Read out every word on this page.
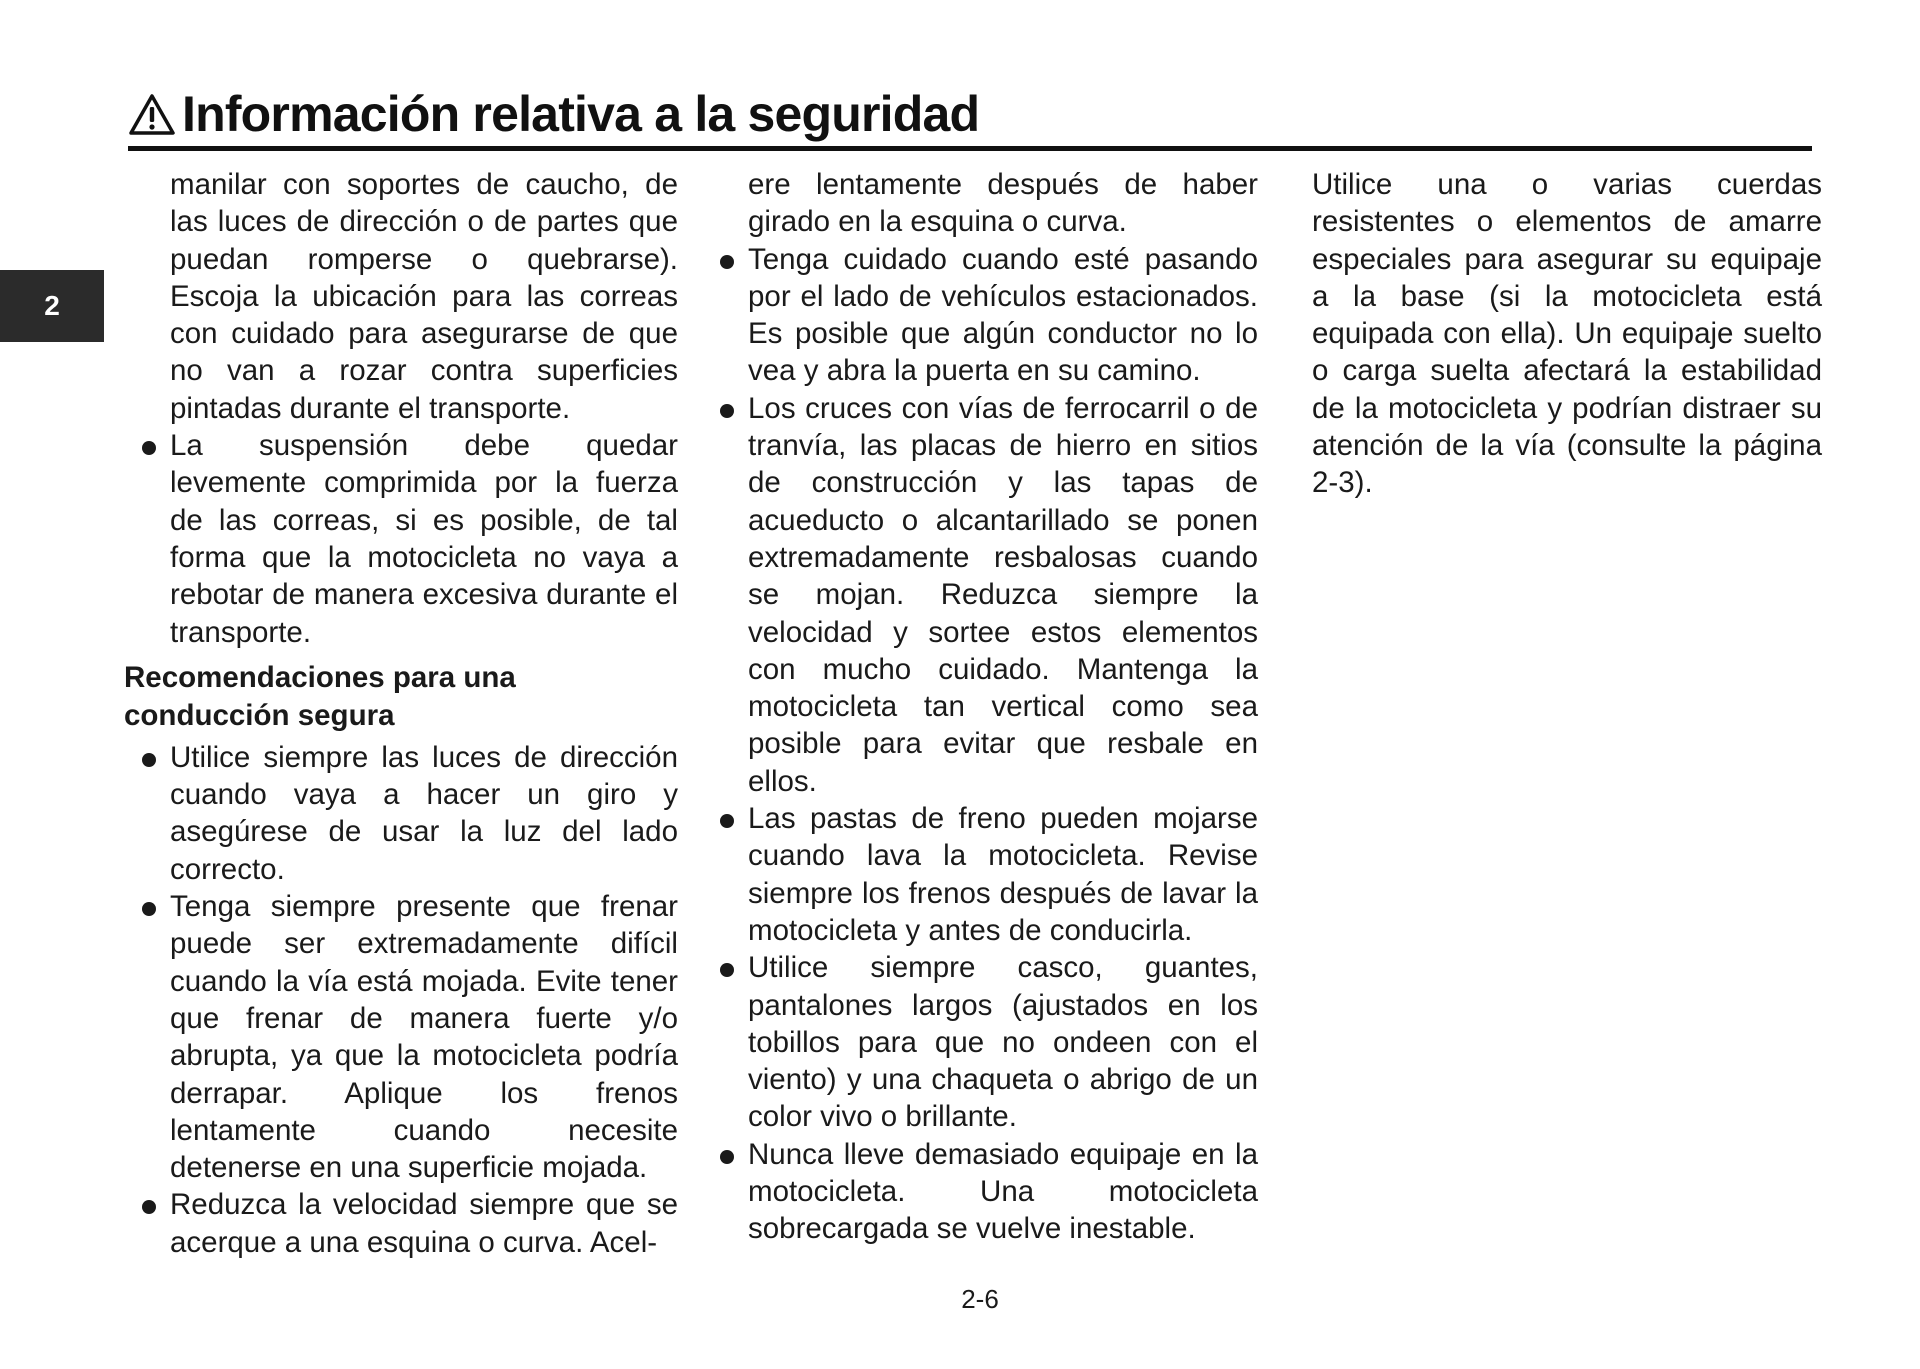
Información relativa a la seguridad
2

manilar con soportes de caucho, de las luces de dirección o de partes que puedan romperse o quebrarse). Escoja la ubicación para las correas con cuidado para asegurarse de que no van a rozar contra superficies pintadas durante el transporte.

La suspensión debe quedar levemente comprimida por la fuerza de las correas, si es posible, de tal forma que la motocicleta no vaya a rebotar de manera excesiva durante el transporte.

Recomendaciones para una conducción segura

Utilice siempre las luces de dirección cuando vaya a hacer un giro y asegúrese de usar la luz del lado correcto.

Tenga siempre presente que frenar puede ser extremadamente difícil cuando la vía está mojada. Evite tener que frenar de manera fuerte y/o abrupta, ya que la motocicleta podría derrapar. Aplique los frenos lentamente cuando necesite detenerse en una superficie mojada.

Reduzca la velocidad siempre que se acerque a una esquina o curva. Acel-

ere lentamente después de haber girado en la esquina o curva.

Tenga cuidado cuando esté pasando por el lado de vehículos estacionados. Es posible que algún conductor no lo vea y abra la puerta en su camino.

Los cruces con vías de ferrocarril o de tranvía, las placas de hierro en sitios de construcción y las tapas de acueducto o alcantarillado se ponen extremadamente resbalosas cuando se mojan. Reduzca siempre la velocidad y sortee estos elementos con mucho cuidado. Mantenga la motocicleta tan vertical como sea posible para evitar que resbale en ellos.

Las pastas de freno pueden mojarse cuando lava la motocicleta. Revise siempre los frenos después de lavar la motocicleta y antes de conducirla.

Utilice siempre casco, guantes, pantalones largos (ajustados en los tobillos para que no ondeen con el viento) y una chaqueta o abrigo de un color vivo o brillante.

Nunca lleve demasiado equipaje en la motocicleta. Una motocicleta sobrecargada se vuelve inestable.

Utilice una o varias cuerdas resistentes o elementos de amarre especiales para asegurar su equipaje a la base (si la motocicleta está equipada con ella). Un equipaje suelto o carga suelta afectará la estabilidad de la motocicleta y podrían distraer su atención de la vía (consulte la página 2-3).

2-6
